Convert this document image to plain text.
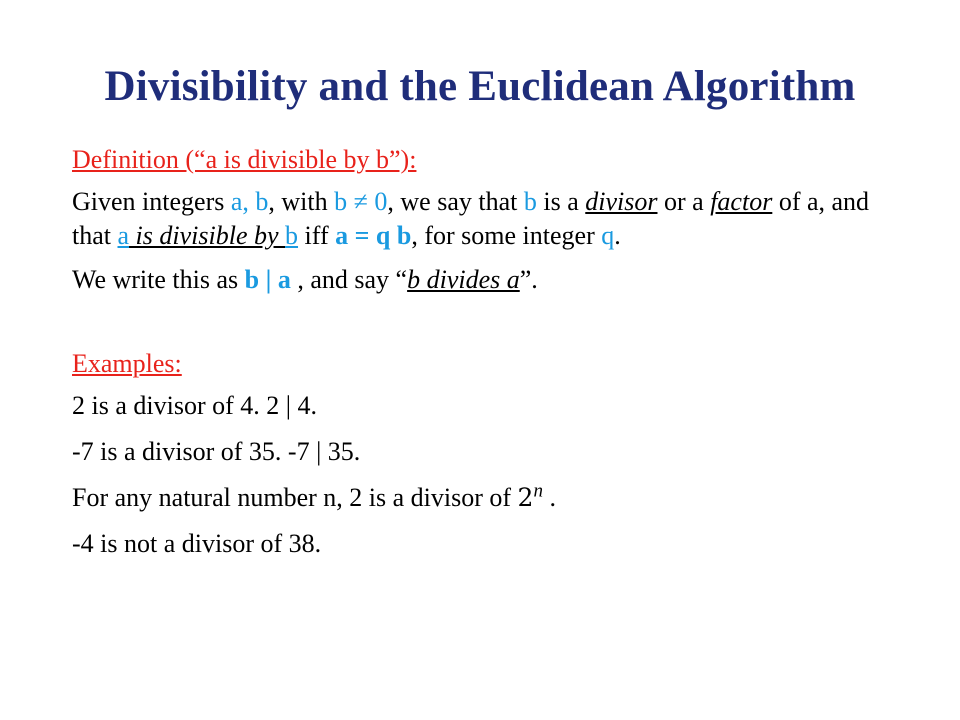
Divisibility and the Euclidean Algorithm

Definition (“a is divisible by b”):

Given integers a, b, with b ≠ 0, we say that b is a divisor or a factor of a, and that a is divisible by b iff a = q b, for some integer q.

We write this as b | a , and say “b divides a”.

Examples:

2 is a divisor of 4. 2 | 4.

-7 is a divisor of 35. -7 | 35.

For any natural number n, 2 is a divisor of 2$^n$ .

-4 is not a divisor of 38.
